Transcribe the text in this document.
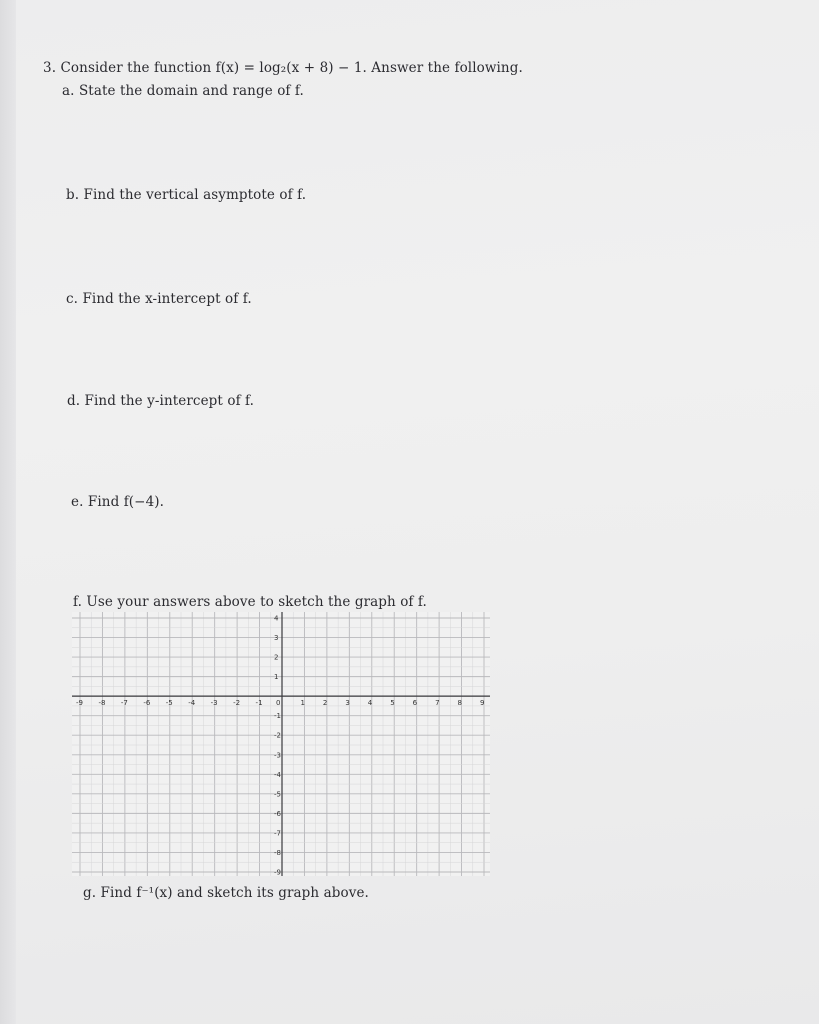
3. Consider the function f(x) = log₂(x + 8) − 1. Answer the following.
a. State the domain and range of f.
b. Find the vertical asymptote of f.
c. Find the x-intercept of f.
d. Find the y-intercept of f.
e. Find f(−4).
f. Use your answers above to sketch the graph of f.
-9 -8 -7 -6 -5 -4 -3 -2 -1 0	1	2	3	4	5	6	7	8	9
4
3
2
1
-1
-2
-3
-4
-5
-6
-7
-8
-9
g. Find f⁻¹(x) and sketch its graph above.
